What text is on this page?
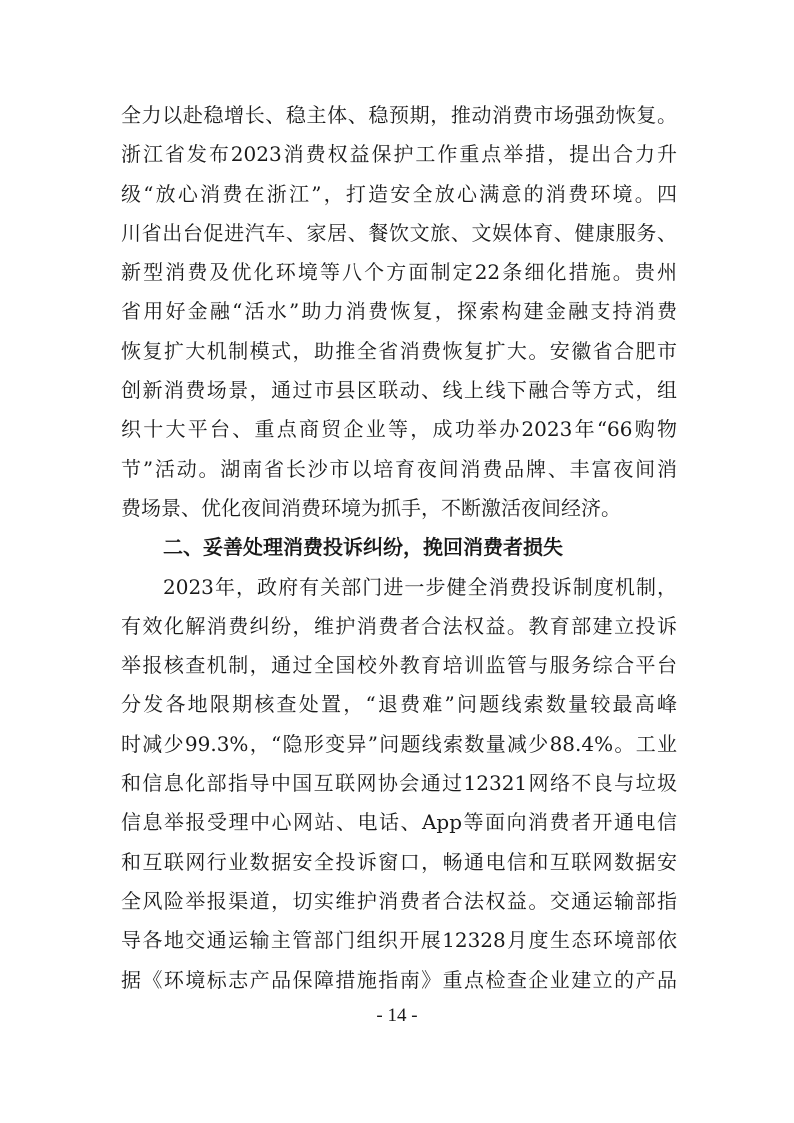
全力以赴稳增长、稳主体、稳预期，推动消费市场强劲恢复。
浙江省发布2023消费权益保护工作重点举措，提出合力升
级“放心消费在浙江”，打造安全放心满意的消费环境。四
川省出台促进汽车、家居、餐饮文旅、文娱体育、健康服务、
新型消费及优化环境等八个方面制定22条细化措施。贵州
省用好金融“活水”助力消费恢复，探索构建金融支持消费
恢复扩大机制模式，助推全省消费恢复扩大。安徽省合肥市
创新消费场景，通过市县区联动、线上线下融合等方式，组
织十大平台、重点商贸企业等，成功举办2023年“66购物
节”活动。湖南省长沙市以培育夜间消费品牌、丰富夜间消
费场景、优化夜间消费环境为抓手，不断激活夜间经济。
二、妥善处理消费投诉纠纷，挽回消费者损失
2023年，政府有关部门进一步健全消费投诉制度机制，
有效化解消费纠纷，维护消费者合法权益。教育部建立投诉
举报核查机制，通过全国校外教育培训监管与服务综合平台
分发各地限期核查处置，“退费难”问题线索数量较最高峰
时减少99.3%，“隐形变异”问题线索数量减少88.4%。工业
和信息化部指导中国互联网协会通过12321网络不良与垃圾
信息举报受理中心网站、电话、App等面向消费者开通电信
和互联网行业数据安全投诉窗口，畅通电信和互联网数据安
全风险举报渠道，切实维护消费者合法权益。交通运输部指
导各地交通运输主管部门组织开展12328月度生态环境部依
据《环境标志产品保障措施指南》重点检查企业建立的产品
- 14 -
